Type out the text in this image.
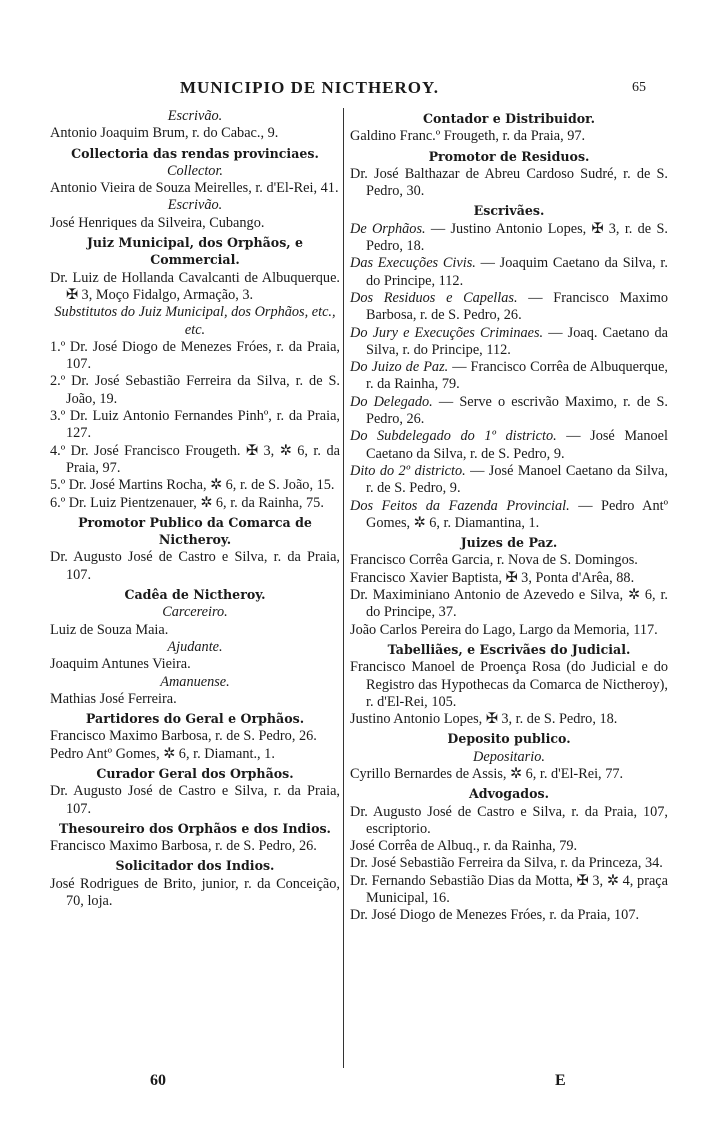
MUNICIPIO DE NICTHEROY.	65
Escrivão.
Antonio Joaquim Brum, r. do Cabac., 9.
Collectoria das rendas provinciaes.
Collector.
Antonio Vieira de Souza Meirelles, r. d'El-Rei, 41.
Escrivão.
José Henriques da Silveira, Cubango.
Juiz Municipal, dos Orphãos, e Commercial.
Dr. Luiz de Hollanda Cavalcanti de Albuquerque. ✠ 3, Moço Fidalgo, Armação, 3.
Substitutos do Juiz Municipal, dos Orphãos, etc., etc.
1.º Dr. José Diogo de Menezes Fróes, r. da Praia, 107.
2.º Dr. José Sebastião Ferreira da Silva, r. de S. João, 19.
3.º Dr. Luiz Antonio Fernandes Pinhº, r. da Praia, 127.
4.º Dr. José Francisco Frougeth. ✠ 3, ✲ 6, r. da Praia, 97.
5.º Dr. José Martins Rocha, ✲ 6, r. de S. João, 15.
6.º Dr. Luiz Pientzenauer, ✲ 6, r. da Rainha, 75.
Promotor Publico da Comarca de Nictheroy.
Dr. Augusto José de Castro e Silva, r. da Praia, 107.
Cadêa de Nictheroy.
Carcereiro.
Luiz de Souza Maia.
Ajudante.
Joaquim Antunes Vieira.
Amanuense.
Mathias José Ferreira.
Partidores do Geral e Orphãos.
Francisco Maximo Barbosa, r. de S. Pedro, 26.
Pedro Antº Gomes, ✲ 6, r. Diamant., 1.
Curador Geral dos Orphãos.
Dr. Augusto José de Castro e Silva, r. da Praia, 107.
Thesoureiro dos Orphãos e dos Indios.
Francisco Maximo Barbosa, r. de S. Pedro, 26.
Solicitador dos Indios.
José Rodrigues de Brito, junior, r. da Conceição, 70, loja.
Contador e Distribuidor.
Galdino Franc.º Frougeth, r. da Praia, 97.
Promotor de Residuos.
Dr. José Balthazar de Abreu Cardoso Sudré, r. de S. Pedro, 30.
Escrivães.
De Orphãos. — Justino Antonio Lopes, ✠ 3, r. de S. Pedro, 18.
Das Execuções Civis. — Joaquim Caetano da Silva, r. do Principe, 112.
Dos Residuos e Capellas. — Francisco Maximo Barbosa, r. de S. Pedro, 26.
Do Jury e Execuções Criminaes. — Joaq. Caetano da Silva, r. do Principe, 112.
Do Juizo de Paz. — Francisco Corrêa de Albuquerque, r. da Rainha, 79.
Do Delegado. — Serve o escrivão Maximo, r. de S. Pedro, 26.
Do Subdelegado do 1º districto. — José Manoel Caetano da Silva, r. de S. Pedro, 9.
Dito do 2º districto. — José Manoel Caetano da Silva, r. de S. Pedro, 9.
Dos Feitos da Fazenda Provincial. — Pedro Antº Gomes, ✲ 6, r. Diamantina, 1.
Juizes de Paz.
Francisco Corrêa Garcia, r. Nova de S. Domingos.
Francisco Xavier Baptista, ✠ 3, Ponta d'Arêa, 88.
Dr. Maximiniano Antonio de Azevedo e Silva, ✲ 6, r. do Principe, 37.
João Carlos Pereira do Lago, Largo da Memoria, 117.
Tabelliães, e Escrivães do Judicial.
Francisco Manoel de Proença Rosa (do Judicial e do Registro das Hypothecas da Comarca de Nictheroy), r. d'El-Rei, 105.
Justino Antonio Lopes, ✠ 3, r. de S. Pedro, 18.
Deposito publico.
Depositario.
Cyrillo Bernardes de Assis, ✲ 6, r. d'El-Rei, 77.
Advogados.
Dr. Augusto José de Castro e Silva, r. da Praia, 107, escriptorio.
José Corrêa de Albuq., r. da Rainha, 79.
Dr. José Sebastião Ferreira da Silva, r. da Princeza, 34.
Dr. Fernando Sebastião Dias da Motta, ✠ 3, ✲ 4, praça Municipal, 16.
Dr. José Diogo de Menezes Fróes, r. da Praia, 107.
60	E
